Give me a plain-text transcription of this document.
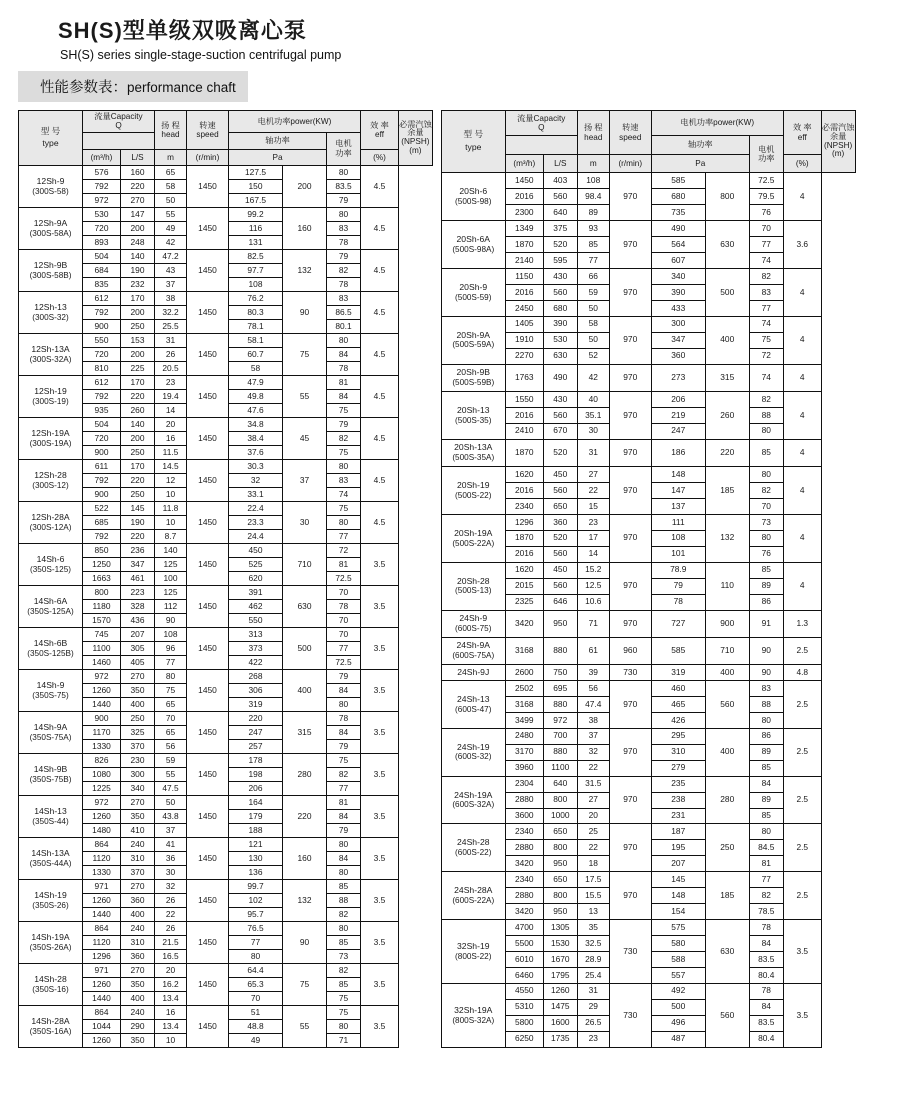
SH(S)型单级双吸离心泵
SH(S) series single-stage-suction centrifugal pump
性能参数表：performance chaft
型 号
type

流量Capacity
Q	扬 程
head

转速
speed
	电机功率power(KW)	效 率
eff

必需汽蚀
余量
(NPSH)
(m)

					轴功率		电机
功率		

	(m³/h)	L/S	m	(r/min)	Pa			(%)	

12Sh-9
(300S-58)	576	160	65	1450	127.5	200	80	4.5	
	792	220	58		150		83.5		
	972	270	50		167.5		79		

12Sh-9A
(300S-58A)	530	147	55	1450	99.2	160	80	4.5	
	720	200	49		116		83		
	893	248	42		131		78		

12Sh-9B
(300S-58B)	504	140	47.2	1450	82.5	132	79	4.5	
	684	190	43		97.7		82		
	835	232	37		108		78		

12Sh-13
(300S-32)	612	170	38	1450	76.2	90	83	4.5	
	792	200	32.2		80.3		86.5		
	900	250	25.5		78.1		80.1		

12Sh-13A
(300S-32A)	550	153	31	1450	58.1	75	80	4.5	
	720	200	26		60.7		84		
	810	225	20.5		58		78		

12Sh-19
(300S-19)	612	170	23	1450	47.9	55	81	4.5	
	792	220	19.4		49.8		84		
	935	260	14		47.6		75		

12Sh-19A
(300S-19A)	504	140	20	1450	34.8	45	79	4.5	
	720	200	16		38.4		82		
	900	250	11.5		37.6		75		

12Sh-28
(300S-12)	611	170	14.5	1450	30.3	37	80	4.5	
	792	220	12		32		83		
	900	250	10		33.1		74		

12Sh-28A
(300S-12A)	522	145	11.8	1450	22.4	30	75	4.5	
	685	190	10		23.3		80		
	792	220	8.7		24.4		77		

14Sh-6
(350S-125)	850	236	140	1450	450	710	72	3.5	
	1250	347	125		525		81		
	1663	461	100		620		72.5		

14Sh-6A
(350S-125A)	800	223	125	1450	391	630	70	3.5	
	1180	328	112		462		78		
	1570	436	90		550		70		

14Sh-6B
(350S-125B)	745	207	108	1450	313	500	70	3.5	
	1100	305	96		373		77		
	1460	405	77		422		72.5		

14Sh-9
(350S-75)	972	270	80	1450	268	400	79	3.5	
	1260	350	75		306		84		
	1440	400	65		319		80		

14Sh-9A
(350S-75A)	900	250	70	1450	220	315	78	3.5	
	1170	325	65		247		84		
	1330	370	56		257		79		

14Sh-9B
(350S-75B)	826	230	59	1450	178	280	75	3.5	
	1080	300	55		198		82		
	1225	340	47.5		206		77		

14Sh-13
(350S-44)	972	270	50	1450	164	220	81	3.5	
	1260	350	43.8		179		84		
	1480	410	37		188		79		

14Sh-13A
(350S-44A)	864	240	41	1450	121	160	80	3.5	
	1120	310	36		130		84		
	1330	370	30		136		80		

14Sh-19
(350S-26)	971	270	32	1450	99.7	132	85	3.5	
	1260	360	26		102		88		
	1440	400	22		95.7		82		

14Sh-19A
(350S-26A)	864	240	26	1450	76.5	90	80	3.5	
	1120	310	21.5		77		85		
	1296	360	16.5		80		73		

14Sh-28
(350S-16)	971	270	20	1450	64.4	75	82	3.5	
	1260	350	16.2		65.3		85		
	1440	400	13.4		70		75		

14Sh-28A
(350S-16A)	864	240	16	1450	51	55	75	3.5	
	1044	290	13.4		48.8		80		
	1260	350	10		49		71		
型 号
type

流量Capacity
Q	扬 程
head

转速
speed
	电机功率power(KW)	
效 率
eff

必需汽蚀
余量
(NPSH)
(m)

					轴功率		电机
功率		

	(m³/h)	L/S	m	(r/min)	Pa			(%)	

20Sh-6
(500S-98)	1450	403	108	970	585	800	72.5	4	
	2016	560	98.4		680		79.5		
	2300	640	89		735		76		

20Sh-6A
(500S-98A)	1349	375	93	970	490	630	70	3.6	
	1870	520	85		564		77		
	2140	595	77		607		74		

20Sh-9
(500S-59)	1150	430	66	970	340	500	82	4	
	2016	560	59		390		83		
	2450	680	50		433		77		

20Sh-9A
(500S-59A)	1405	390	58	970	300	400	74	4	
	1910	530	50		347		75		
	2270	630	52		360		72		

20Sh-9B
(500S-59B)	1763	490	42	970	273	315	74	4	

20Sh-13
(500S-35)	1550	430	40	970	206	260	82	4	
	2016	560	35.1		219		88		
	2410	670	30		247		80		

20Sh-13A
(500S-35A)	1870	520	31	970	186	220	85	4	

20Sh-19
(500S-22)	1620	450	27	970	148	185	80	4	
	2016	560	22		147		82		
	2340	650	15		137		70		

20Sh-19A
(500S-22A)	1296	360	23	970	111	132	73	4	
	1870	520	17		108		80		
	2016	560	14		101		76		

20Sh-28
(500S-13)	1620	450	15.2	970	78.9	110	85	4	
	2015	560	12.5		79		89		
	2325	646	10.6		78		86		

24Sh-9
(600S-75)	3420	950	71	970	727	900	91	1.3	

24Sh-9A
(600S-75A)	3168	880	61	960	585	710	90	2.5	

24Sh-9J	2600	750	39	730	319	400	90	4.8	

24Sh-13
(600S-47)	2502	695	56	970	460	560	83	2.5	
	3168	880	47.4		465		88		
	3499	972	38		426		80		

24Sh-19
(600S-32)	2480	700	37	970	295	400	86	2.5	
	3170	880	32		310		89		
	3960	1100	22		279		85		

24Sh-19A
(600S-32A)	2304	640	31.5	970	235	280	84	2.5	
	2880	800	27		238		89		
	3600	1000	20		231		85		

24Sh-28
(600S-22)	2340	650	25	970	187	250	80	2.5	
	2880	800	22		195		84.5		
	3420	950	18		207		81		

24Sh-28A
(600S-22A)	2340	650	17.5	970	145	185	77	2.5	
	2880	800	15.5		148		82		
	3420	950	13		154		78.5		

32Sh-19
(800S-22)	4700	1305	35	730	575	630	78	3.5	
	5500	1530	32.5		580		84		
	6010	1670	28.9		588		83.5		
	6460	1795	25.4		557		80.4		

32Sh-19A
(800S-32A)	4550	1260	31	730	492	560	78	3.5	
	5310	1475	29		500		84		
	5800	1600	26.5		496		83.5		
	6250	1735	23		487		80.4		
